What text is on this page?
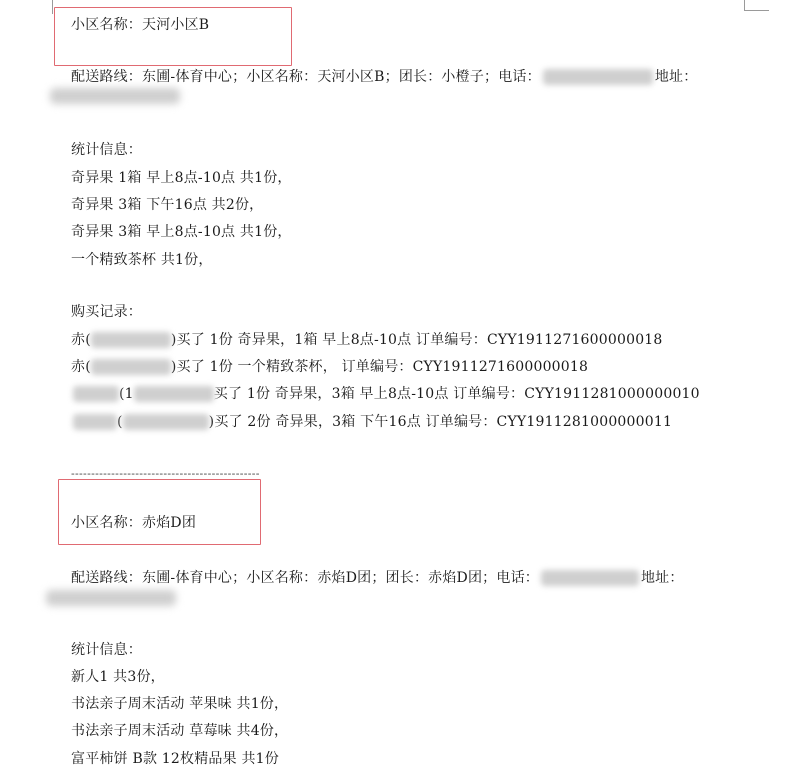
小区名称：天河小区B
配送路线：东圃-体育中心；小区名称：天河小区B；团长：小橙子；电话：	地址：
统计信息：
奇异果 1箱 早上8点-10点 共1份，
奇异果 3箱 下午16点 共2份，
奇异果 3箱 早上8点-10点 共1份，
一个精致茶杯 共1份，
购买记录：
赤(	)买了 1份 奇异果，1箱 早上8点-10点 订单编号：CYY1911271600000018
赤(	)买了 1份 一个精致茶杯， 订单编号：CYY1911271600000018
(1	买了 1份 奇异果，3箱 早上8点-10点 订单编号：CYY1911281000000010
(	)买了 2份 奇异果，3箱 下午16点 订单编号：CYY1911281000000011
-----------------------------------------------
小区名称：赤焰D团
配送路线：东圃-体育中心；小区名称：赤焰D团；团长：赤焰D团；电话：	地址：
统计信息：
新人1 共3份，
书法亲子周末活动 苹果味 共1份，
书法亲子周末活动 草莓味 共4份，
富平柿饼 B款 12枚精品果 共1份
